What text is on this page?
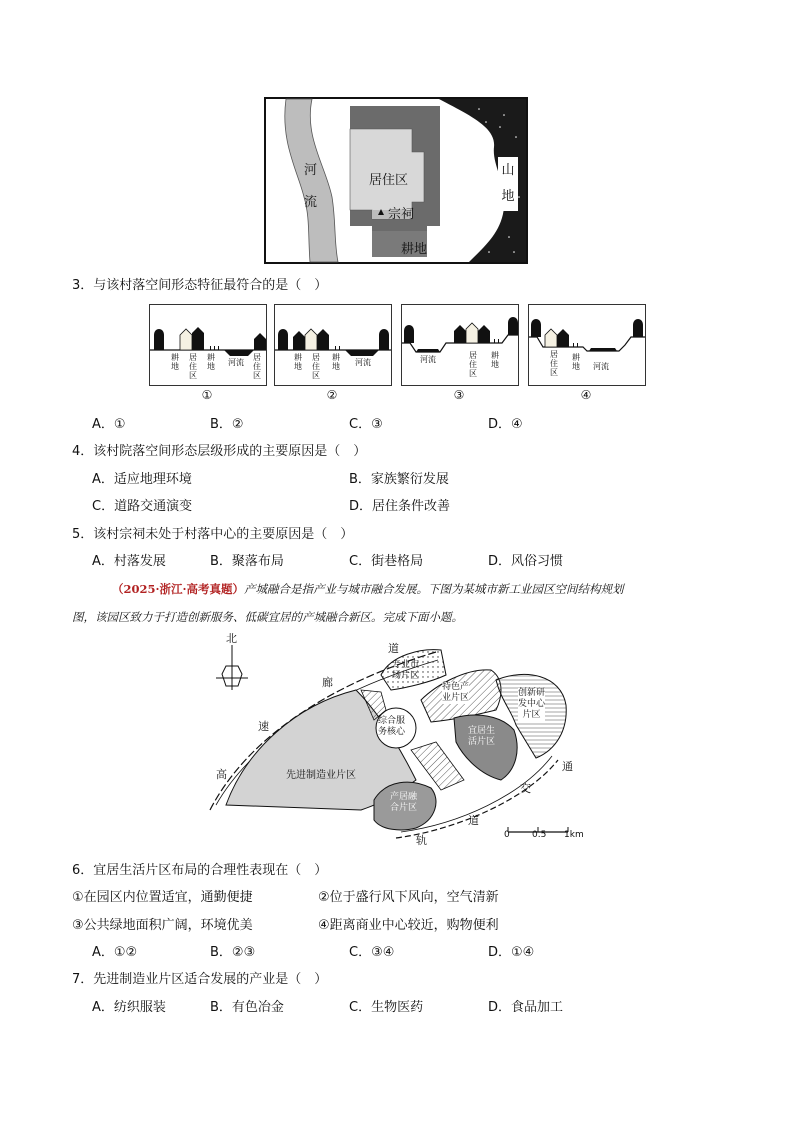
河
流
居住区
宗祠
耕地
山
地
3．与该村落空间形态特征最符合的是（　）
耕
地
居
住
区
耕
地	河流
居
住
区
①
耕
地
居
住
区
耕
地	河流
②
河流	居
住
区
耕
地
③
居
住
区
耕
地	河流
④
A．①	B．②	C．③	D．④
4．该村院落空间形态层级形成的主要原因是（　）
A．适应地理环境	B．家族繁衍发展
C．道路交通演变	D．居住条件改善
5．该村宗祠未处于村落中心的主要原因是（　）
A．村落发展	B．聚落布局	C．街巷格局	D．风俗习惯
（2025·浙江·高考真题）产城融合是指产业与城市融合发展。下图为某城市新工业园区空间结构规划
图，该园区致力于打造创新服务、低碳宜居的产城融合新区。完成下面小题。
北
廊
速
高
道
通
交
道
轨
先进制造业片区
专业市
场片区
特色产
业片区
综合服
务核心	宜居生
活片区
创新研
发中心
片区
产居融
合片区
0 0.5 1km
6．宜居生活片区布局的合理性表现在（　）
①在园区内位置适宜，通勤便捷	②位于盛行风下风向，空气清新
③公共绿地面积广阔，环境优美	④距离商业中心较近，购物便利
A．①②	B．②③	C．③④	D．①④
7．先进制造业片区适合发展的产业是（　）
A．纺织服装	B．有色冶金	C．生物医药	D．食品加工
